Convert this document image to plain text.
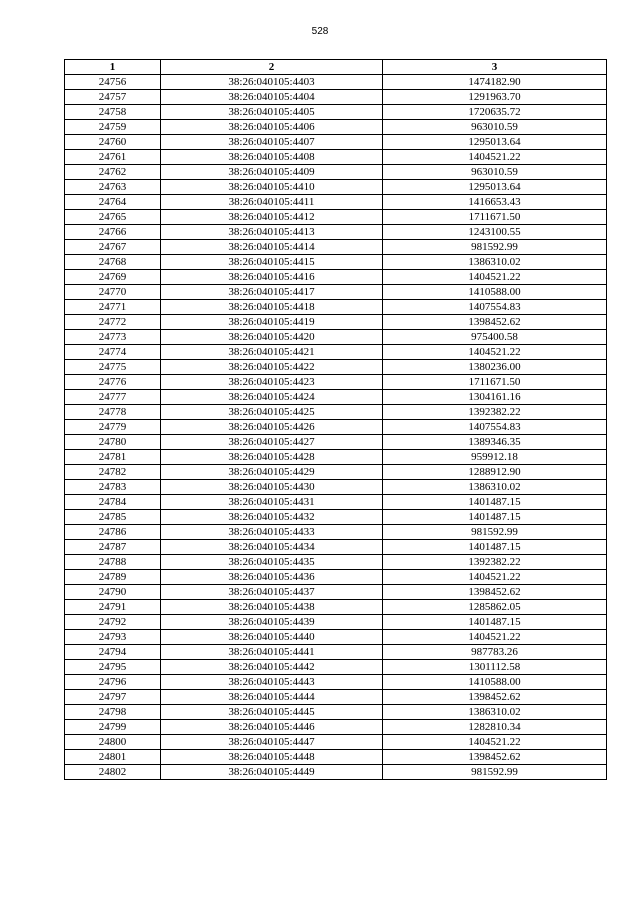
528
1	2	3
24756	38:26:040105:4403	1474182.90
24757	38:26:040105:4404	1291963.70
24758	38:26:040105:4405	1720635.72
24759	38:26:040105:4406	963010.59
24760	38:26:040105:4407	1295013.64
24761	38:26:040105:4408	1404521.22
24762	38:26:040105:4409	963010.59
24763	38:26:040105:4410	1295013.64
24764	38:26:040105:4411	1416653.43
24765	38:26:040105:4412	1711671.50
24766	38:26:040105:4413	1243100.55
24767	38:26:040105:4414	981592.99
24768	38:26:040105:4415	1386310.02
24769	38:26:040105:4416	1404521.22
24770	38:26:040105:4417	1410588.00
24771	38:26:040105:4418	1407554.83
24772	38:26:040105:4419	1398452.62
24773	38:26:040105:4420	975400.58
24774	38:26:040105:4421	1404521.22
24775	38:26:040105:4422	1380236.00
24776	38:26:040105:4423	1711671.50
24777	38:26:040105:4424	1304161.16
24778	38:26:040105:4425	1392382.22
24779	38:26:040105:4426	1407554.83
24780	38:26:040105:4427	1389346.35
24781	38:26:040105:4428	959912.18
24782	38:26:040105:4429	1288912.90
24783	38:26:040105:4430	1386310.02
24784	38:26:040105:4431	1401487.15
24785	38:26:040105:4432	1401487.15
24786	38:26:040105:4433	981592.99
24787	38:26:040105:4434	1401487.15
24788	38:26:040105:4435	1392382.22
24789	38:26:040105:4436	1404521.22
24790	38:26:040105:4437	1398452.62
24791	38:26:040105:4438	1285862.05
24792	38:26:040105:4439	1401487.15
24793	38:26:040105:4440	1404521.22
24794	38:26:040105:4441	987783.26
24795	38:26:040105:4442	1301112.58
24796	38:26:040105:4443	1410588.00
24797	38:26:040105:4444	1398452.62
24798	38:26:040105:4445	1386310.02
24799	38:26:040105:4446	1282810.34
24800	38:26:040105:4447	1404521.22
24801	38:26:040105:4448	1398452.62
24802	38:26:040105:4449	981592.99
